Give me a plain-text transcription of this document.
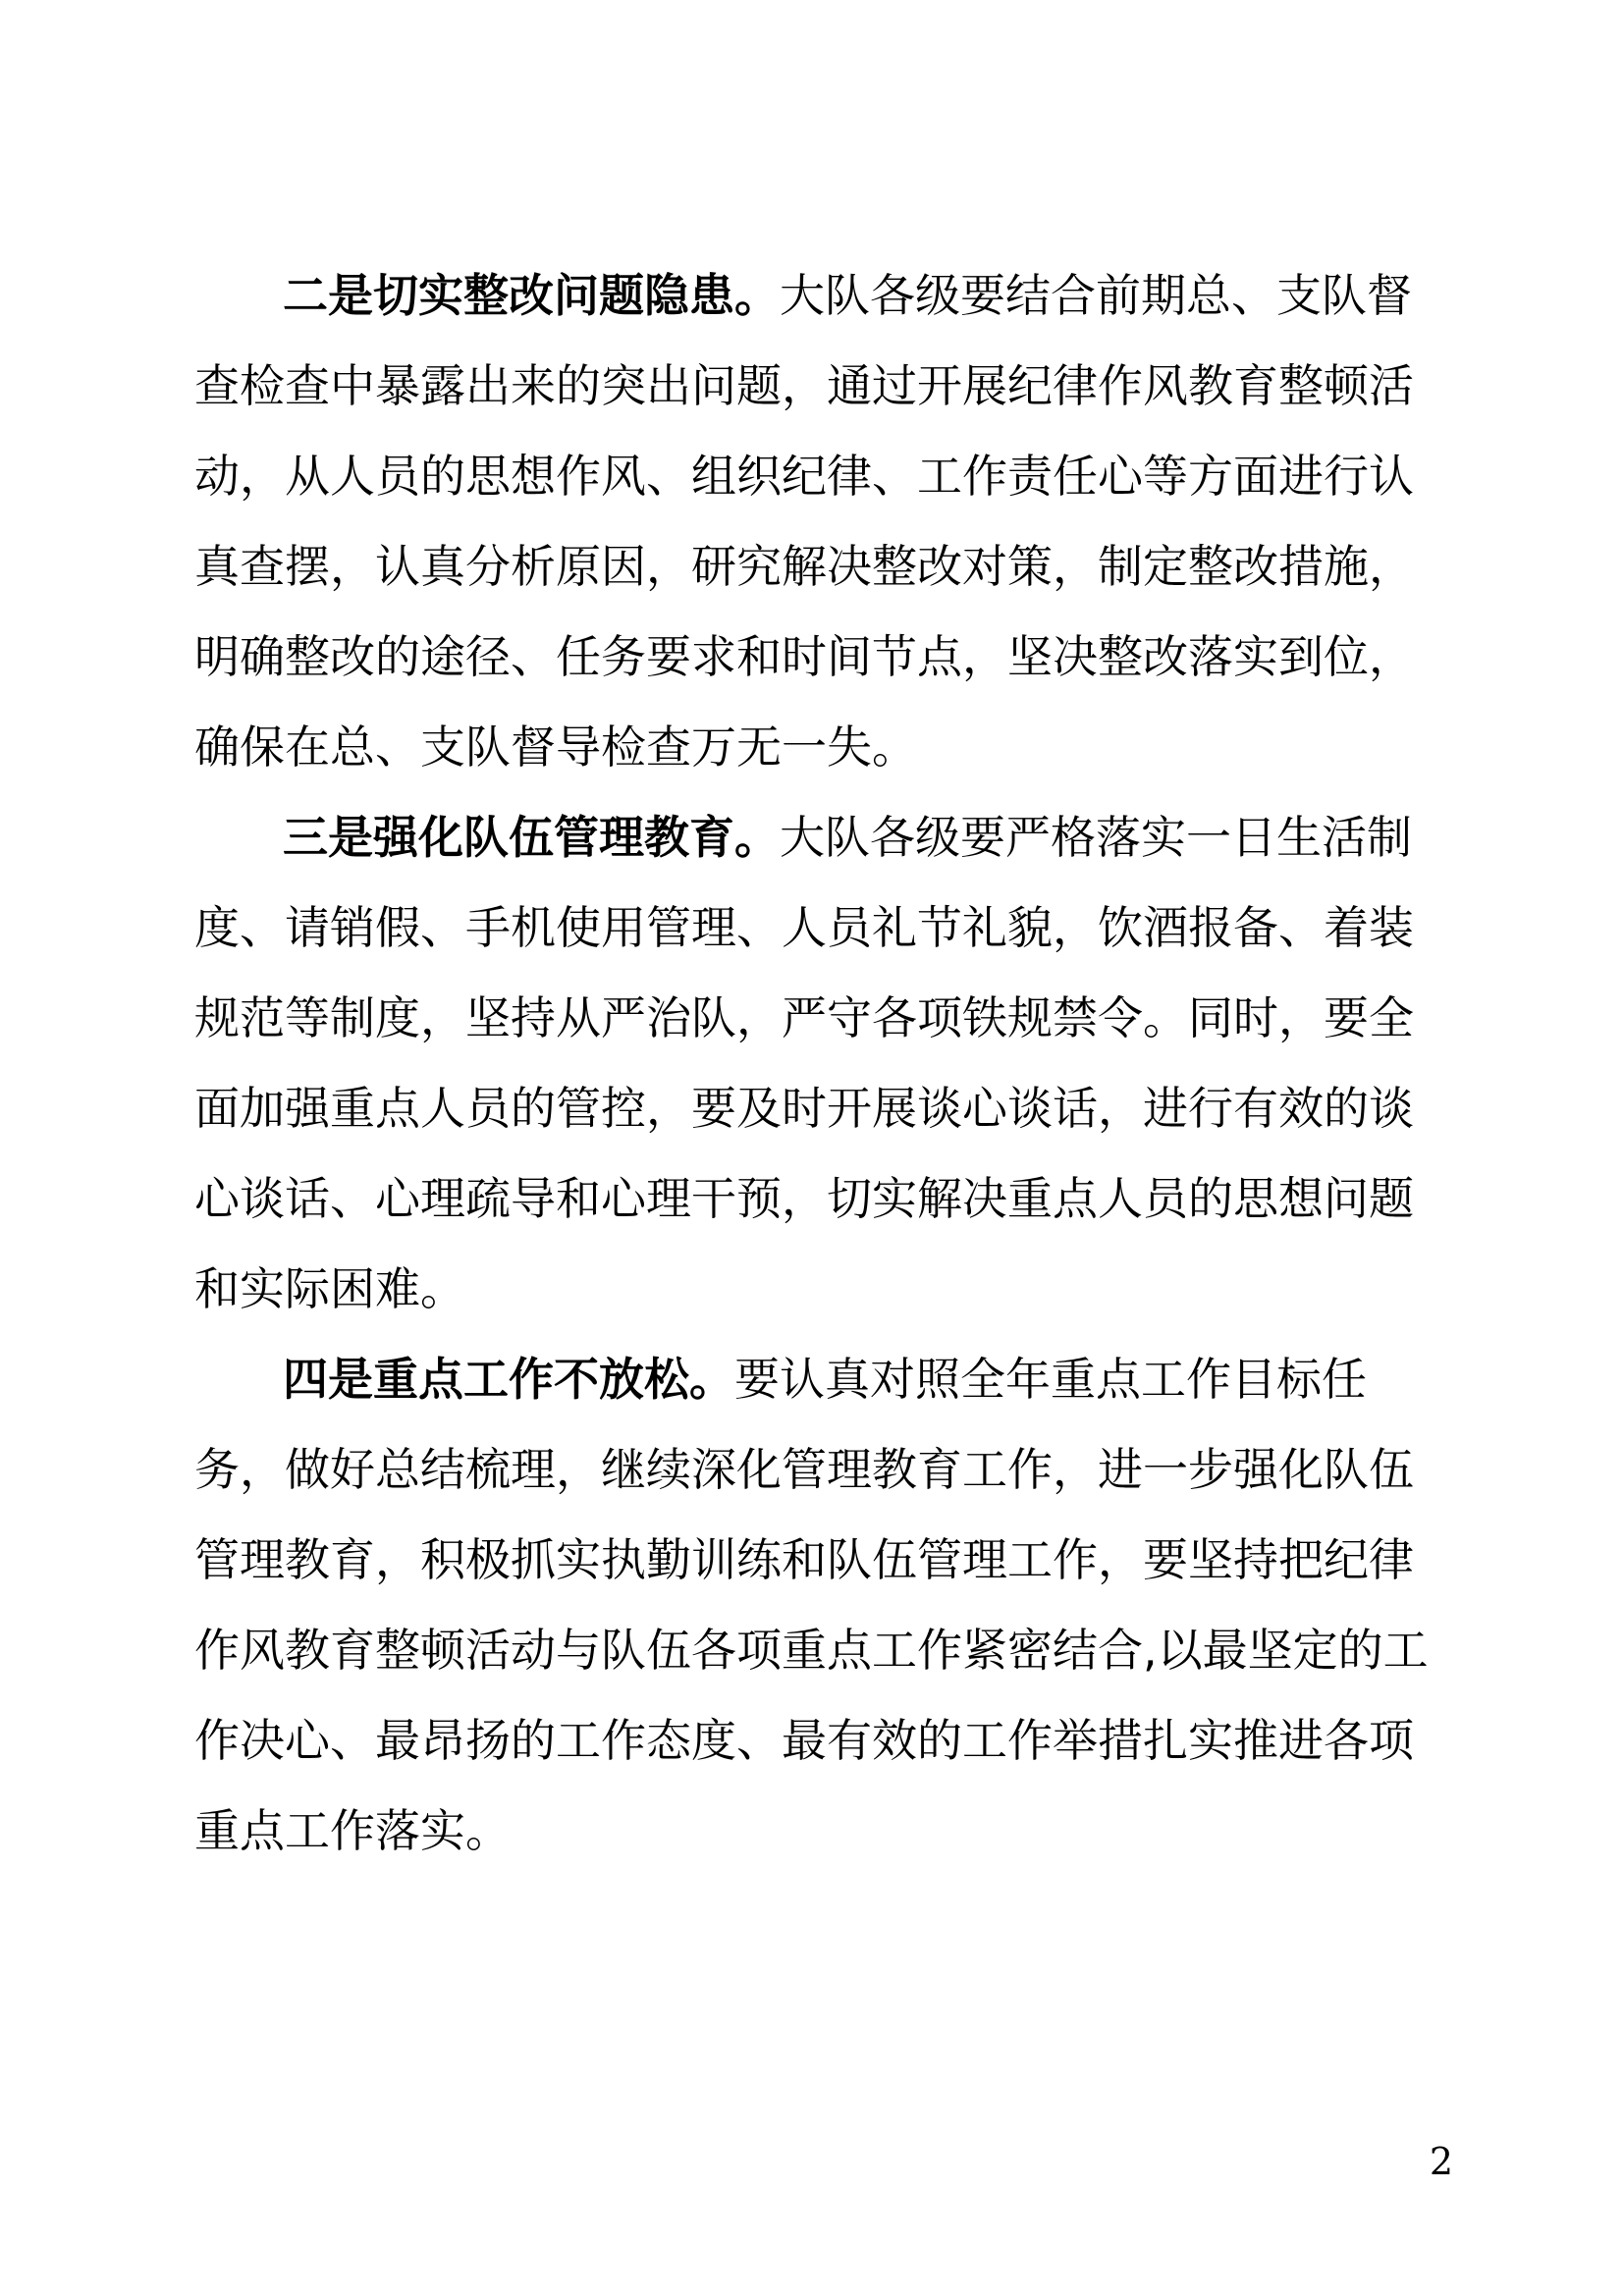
二是切实整改问题隐患。大队各级要结合前期总、支队督查检查中暴露出来的突出问题，通过开展纪律作风教育整顿活动，从人员的思想作风、组织纪律、工作责任心等方面进行认真查摆，认真分析原因，研究解决整改对策，制定整改措施，明确整改的途径、任务要求和时间节点，坚决整改落实到位，确保在总、支队督导检查万无一失。

三是强化队伍管理教育。大队各级要严格落实一日生活制度、请销假、手机使用管理、人员礼节礼貌，饮酒报备、着装规范等制度，坚持从严治队，严守各项铁规禁令。同时，要全面加强重点人员的管控，要及时开展谈心谈话，进行有效的谈心谈话、心理疏导和心理干预，切实解决重点人员的思想问题和实际困难。

四是重点工作不放松。要认真对照全年重点工作目标任务，做好总结梳理，继续深化管理教育工作，进一步强化队伍管理教育，积极抓实执勤训练和队伍管理工作，要坚持把纪律作风教育整顿活动与队伍各项重点工作紧密结合,以最坚定的工作决心、最昂扬的工作态度、最有效的工作举措扎实推进各项重点工作落实。

2
